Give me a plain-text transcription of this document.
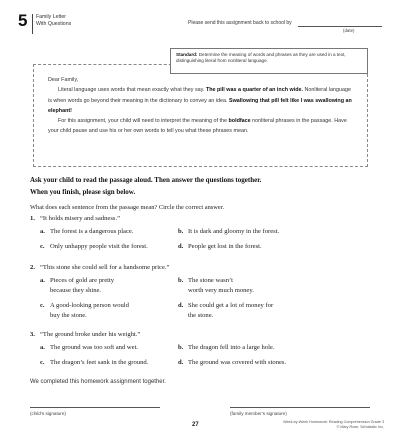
5 Family Letter
With Questions	Please send this assignment back to school by
(date)
Standard: Determine the meaning of words and phrases as they are used in a text, distinguishing literal from nonliteral language.

Dear Family,

Literal language uses words that mean exactly what they say. The pill was a quarter of an inch wide. Nonliteral language is when words go beyond their meaning in the dictionary to convey an idea. Swallowing that pill felt like I was swallowing an elephant!

For this assignment, your child will need to interpret the meaning of the boldface nonliteral phrases in the passage. Have your child pause and use his or her own words to tell you what these phrases mean.

Ask your child to read the passage aloud. Then answer the questions together.
When you finish, please sign below.
What does each sentence from the passage mean? Circle the correct answer.
1. “It holds misery and sadness.”
a. The forest is a dangerous place.	b. It is dark and gloomy in the forest.
c. Only unhappy people visit the forest.	d. People get lost in the forest.
2. “This stone she could sell for a handsome price.”
a. Pieces of gold are pretty
because they shine.
b. The stone wasn’t
worth very much money.
c. A good-looking person would
buy the stone.
d. She could get a lot of money for
the stone.
3. “The ground broke under his weight.”
a. The ground was too soft and wet.	b. The dragon fell into a large hole.
c. The dragon’s feet sank in the ground.	d. The ground was covered with stones.
We completed this homework assignment together.
(child’s signature)	(family member’s signature)
27	Week-by-Week Homework: Reading Comprehension Grade 3
© Mary Rose, Scholastic Inc.
